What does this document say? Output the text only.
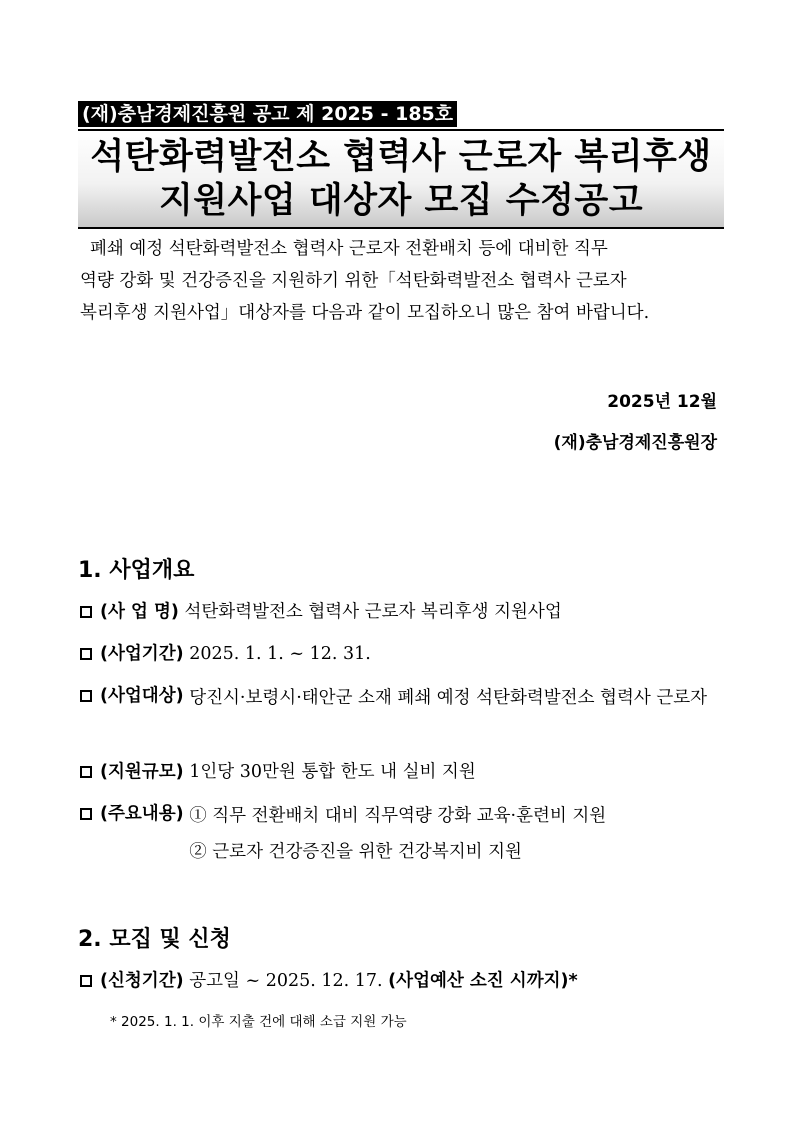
(재)충남경제진흥원 공고 제 2025 - 185호
석탄화력발전소 협력사 근로자 복리후생
지원사업 대상자 모집 수정공고

폐쇄 예정 석탄화력발전소 협력사 근로자 전환배치 등에 대비한 직무

역량 강화 및 건강증진을 지원하기 위한「석탄화력발전소 협력사 근로자

복리후생 지원사업」대상자를 다음과 같이 모집하오니 많은 참여 바랍니다.

2025년 12월
(재)충남경제진흥원장
1. 사업개요
(사 업 명) 석탄화력발전소 협력사 근로자 복리후생 지원사업
(사업기간) 2025. 1. 1. ~ 12. 31.
(사업대상) 당진시·보령시·태안군 소재 폐쇄 예정 석탄화력발전소 협력사 근로자
(지원규모) 1인당 30만원 통합 한도 내 실비 지원
(주요내용) ① 직무 전환배치 대비 직무역량 강화 교육·훈련비 지원
② 근로자 건강증진을 위한 건강복지비 지원
2. 모집 및 신청
(신청기간) 공고일 ~ 2025. 12. 17. (사업예산 소진 시까지)*
* 2025. 1. 1. 이후 지출 건에 대해 소급 지원 가능
